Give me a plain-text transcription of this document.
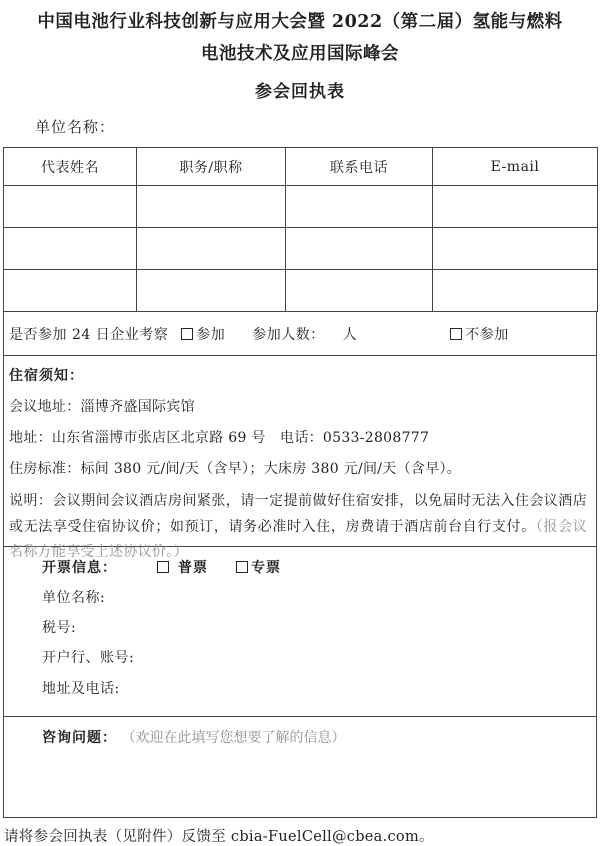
中国电池行业科技创新与应用大会暨 2022（第二届）氢能与燃料
电池技术及应用国际峰会
参会回执表
单位名称：
代表姓名	职务/职称	联系电话	E-mail

是否参加 24 日企业考察	参加 参加人数： 人	不参加
住宿须知：
会议地址：淄博齐盛国际宾馆
地址：山东省淄博市张店区北京路 69 号　电话：0533-2808777
住房标准：标间 380 元/间/天（含早）；大床房 380 元/间/天（含早）。
说明：会议期间会议酒店房间紧张，请一定提前做好住宿安排，以免届时无法入住会议酒店或无法享受住宿协议价；如预订，请务必准时入住，房费请于酒店前台自行支付。（报会议名称方能享受上述协议价。）
开票信息：	普票	专票
单位名称:
税号:
开户行、账号:
地址及电话:
咨询问题： （欢迎在此填写您想要了解的信息）
请将参会回执表（见附件）反馈至 cbia-FuelCell@cbea.com。
